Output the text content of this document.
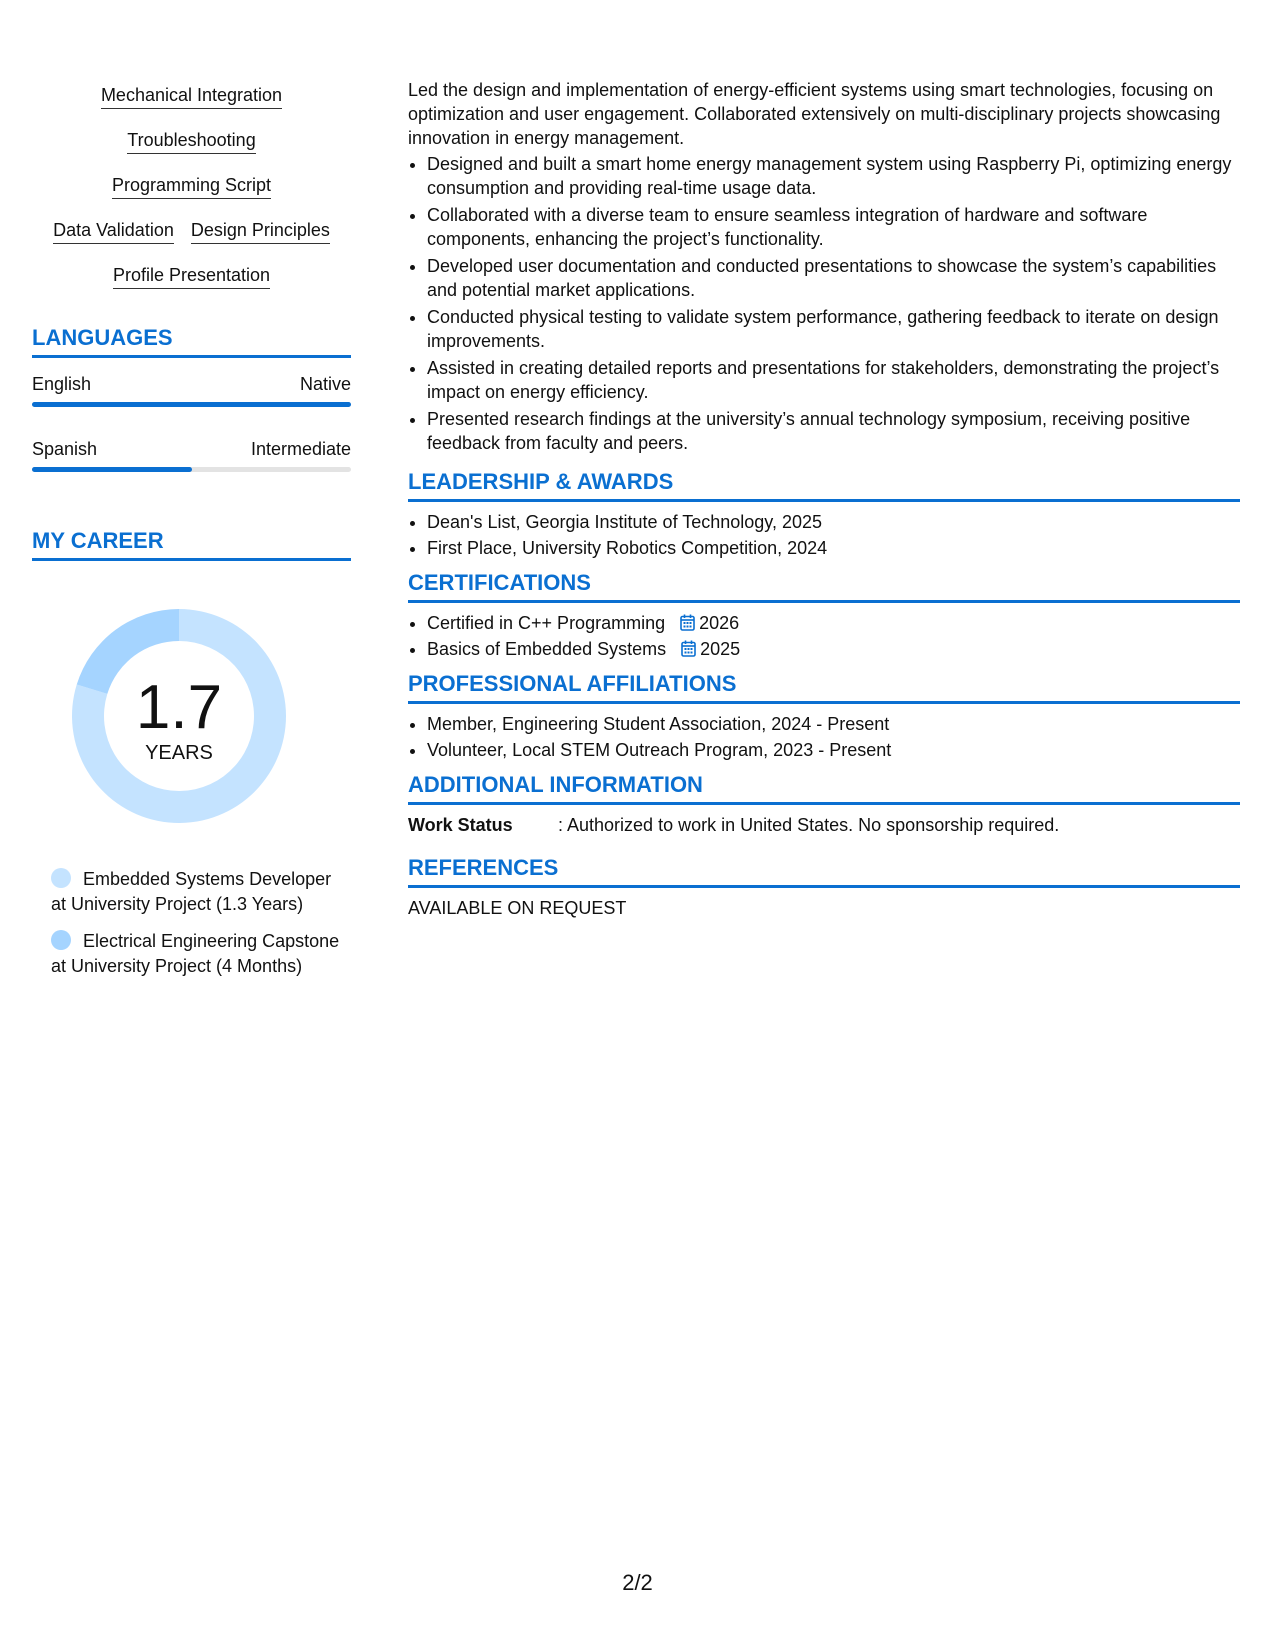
Mechanical Integration
Troubleshooting
Programming Script
Data Validation Design Principles
Profile Presentation
LANGUAGES
English	Native
Spanish	Intermediate
MY CAREER
1.7
YEARS
Embedded Systems Developer at University Project (1.3 Years)
Electrical Engineering Capstone at University Project (4 Months)

Led the design and implementation of energy-efficient systems using smart technologies, focusing on optimization and user engagement. Collaborated extensively on multi-disciplinary projects showcasing innovation in energy management.

• Designed and built a smart home energy management system using Raspberry Pi, optimizing energy consumption and providing real-time usage data.
• Collaborated with a diverse team to ensure seamless integration of hardware and software components, enhancing the project’s functionality.
• Developed user documentation and conducted presentations to showcase the system’s capabilities and potential market applications.
• Conducted physical testing to validate system performance, gathering feedback to iterate on design improvements.
• Assisted in creating detailed reports and presentations for stakeholders, demonstrating the project’s impact on energy efficiency.
• Presented research findings at the university’s annual technology symposium, receiving positive feedback from faculty and peers.
LEADERSHIP & AWARDS
• Dean's List, Georgia Institute of Technology, 2025
• First Place, University Robotics Competition, 2024
CERTIFICATIONS
• Certified in C++ Programming 2026
• Basics of Embedded Systems 2025
PROFESSIONAL AFFILIATIONS
• Member, Engineering Student Association, 2024 - Present
• Volunteer, Local STEM Outreach Program, 2023 - Present
ADDITIONAL INFORMATION
Work Status	: Authorized to work in United States. No sponsorship required.
REFERENCES
AVAILABLE ON REQUEST
2/2
